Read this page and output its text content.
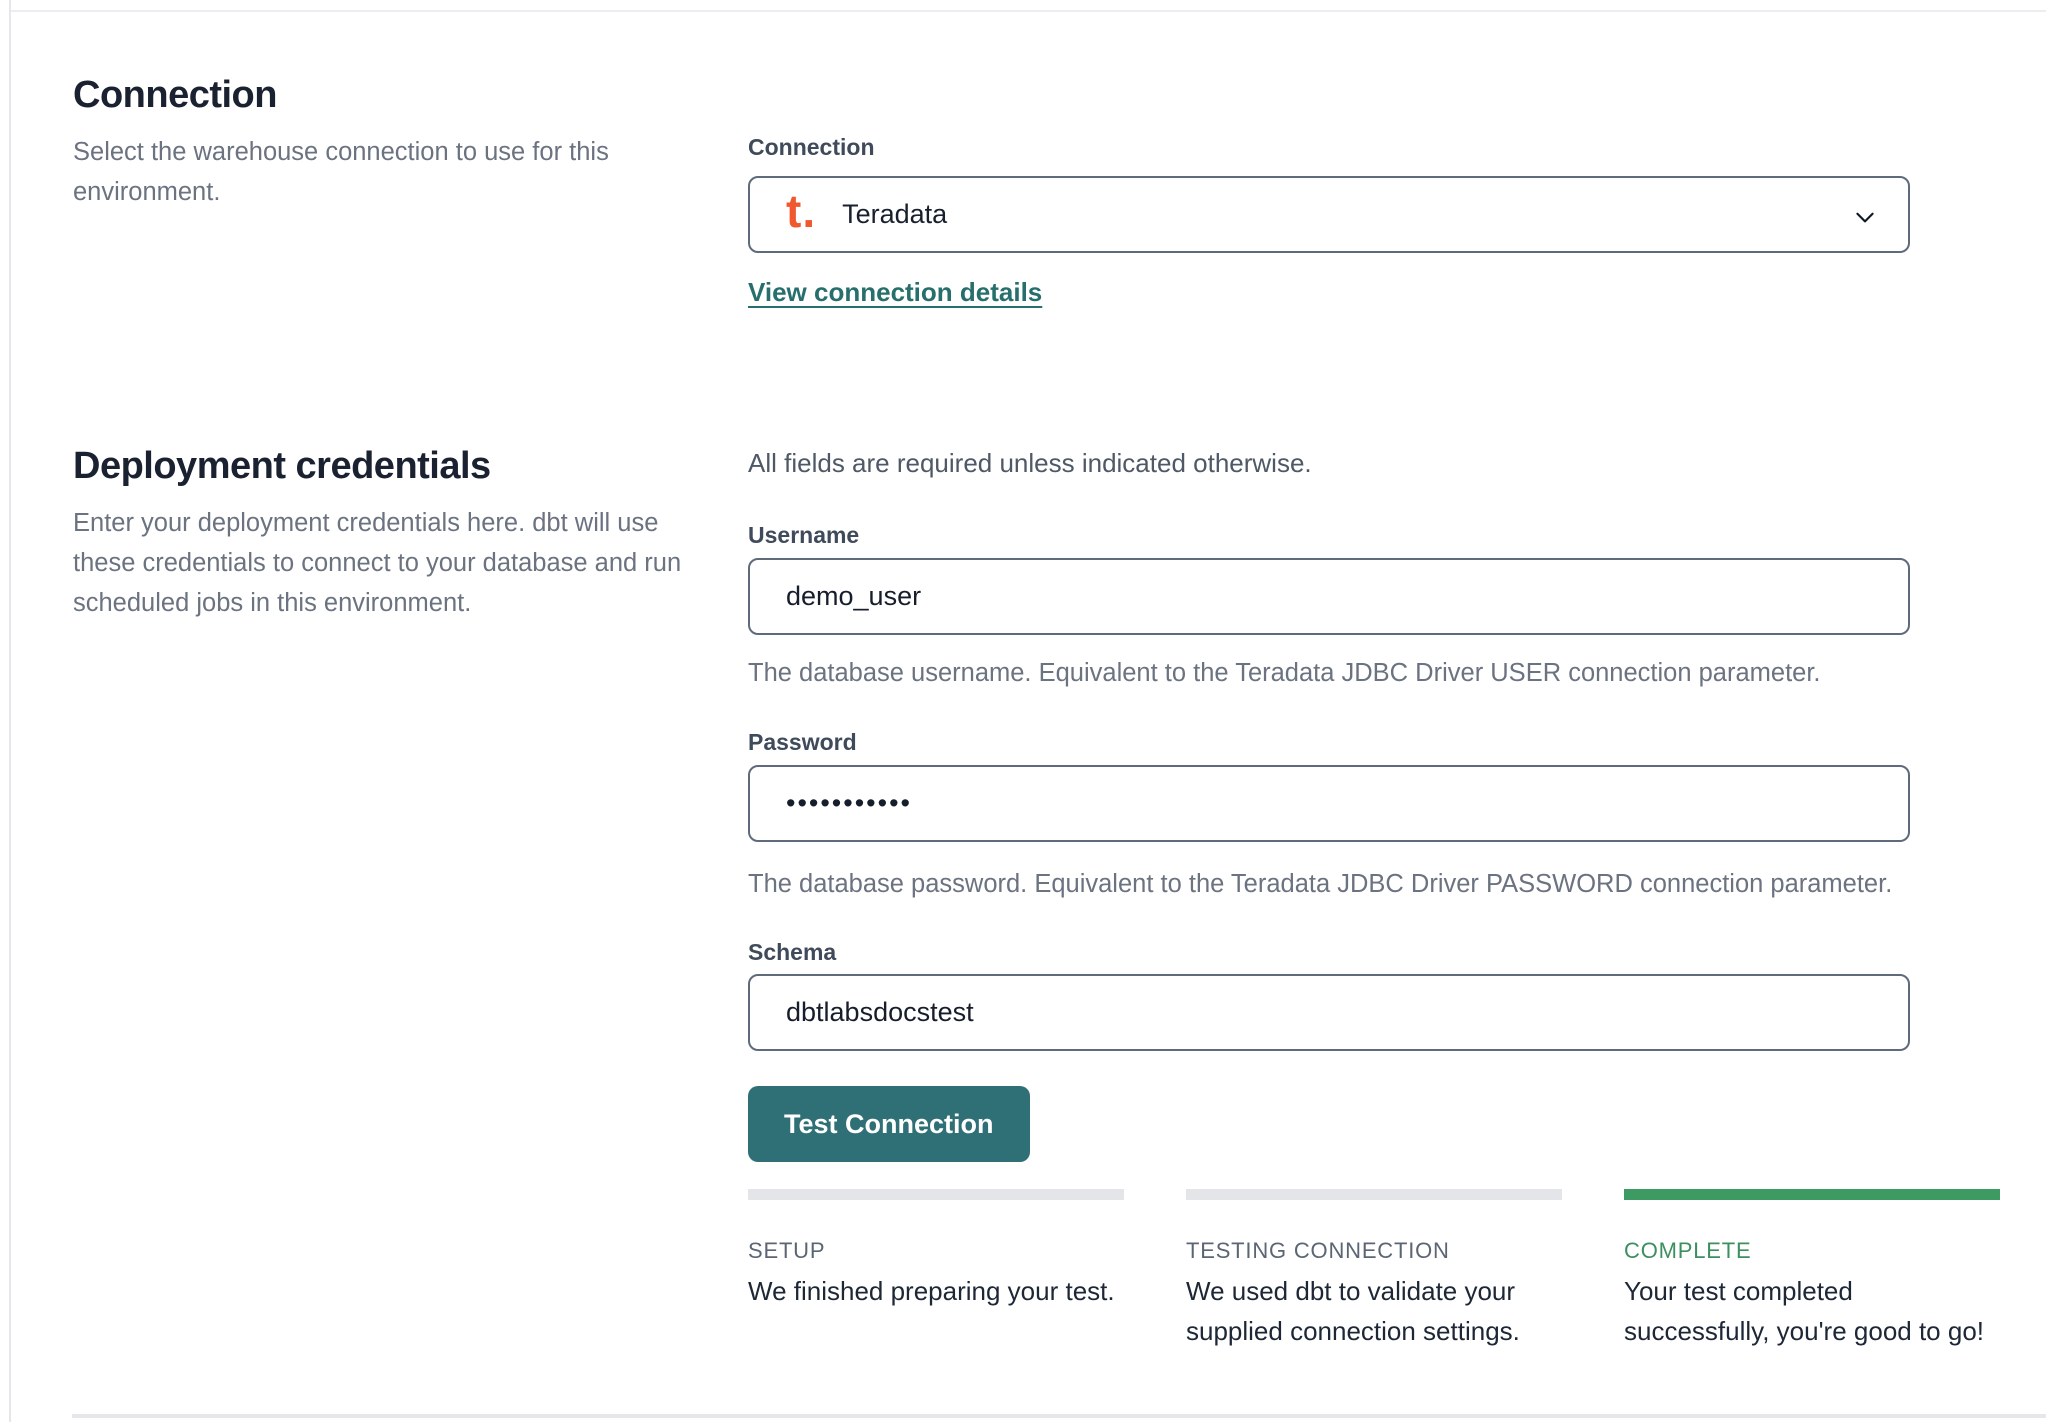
Connection

Select the warehouse connection to use for this environment.

Connection
t. Teradata
View connection details
Deployment credentials

Enter your deployment credentials here. dbt will use these credentials to connect to your database and run scheduled jobs in this environment.

All fields are required unless indicated otherwise.
Username
demo_user
The database username. Equivalent to the Teradata JDBC Driver USER connection parameter.
Password
•••••••••••
The database password. Equivalent to the Teradata JDBC Driver PASSWORD connection parameter.
Schema
dbtlabsdocstest Test Connection
SETUP
We finished preparing your test.
TESTING CONNECTION
We used dbt to validate your supplied connection settings.
COMPLETE
Your test completed successfully, you're good to go!
